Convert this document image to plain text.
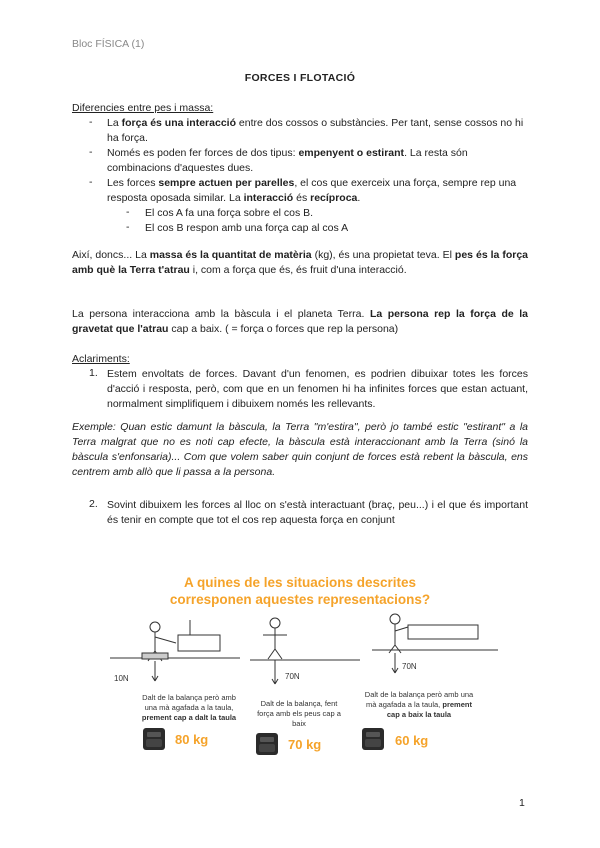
Bloc FÍSICA (1)
FORCES I FLOTACIÓ
Diferencies entre pes i massa:
- La força és una interacció entre dos cossos o substàncies. Per tant, sense cossos no hi ha força.
- Només es poden fer forces de dos tipus: empenyent o estirant. La resta són combinacions d'aquestes dues.
- Les forces sempre actuen per parelles, el cos que exerceix una força, sempre rep una resposta oposada similar. La interacció és recíproca.
- El cos A fa una força sobre el cos B.
- El cos B respon amb una força cap al cos A
Així, doncs... La massa és la quantitat de matèria (kg), és una propietat teva. El pes és la força amb què la Terra t'atrau i, com a força que és, és fruit d'una interacció.
La persona interacciona amb la bàscula i el planeta Terra. La persona rep la força de la gravetat que l'atrau cap a baix. ( = força o forces que rep la persona)
Aclariments:
1. Estem envoltats de forces. Davant d'un fenomen, es podrien dibuixar totes les forces d'acció i resposta, però, com que en un fenomen hi ha infinites forces que estan actuant, normalment simplifiquem i dibuixem només les rellevants.
Exemple: Quan estic damunt la bàscula, la Terra "m'estira", però jo també estic "estirant" a la Terra malgrat que no es noti cap efecte, la bàscula està interaccionant amb la Terra (sinó la bàscula s'enfonsaria)... Com que volem saber quin conjunt de forces està rebent la bàscula, ens centrem amb allò que li passa a la persona.
2. Sovint dibuixem les forces al lloc on s'està interactuant (braç, peu...) i el que és important és tenir en compte que tot el cos rep aquesta força en conjunt
A quines de les situacions descrites
corresponen aquestes representacions?
10N	70N
70N
Dalt de la balança però amb una mà agafada a la taula, prement cap a dalt la taula
Dalt de la balança, fent força amb els peus cap a baix
Dalt de la balança però amb una mà agafada a la taula, prement cap a baix la taula
80 kg	70 kg	60 kg
1
